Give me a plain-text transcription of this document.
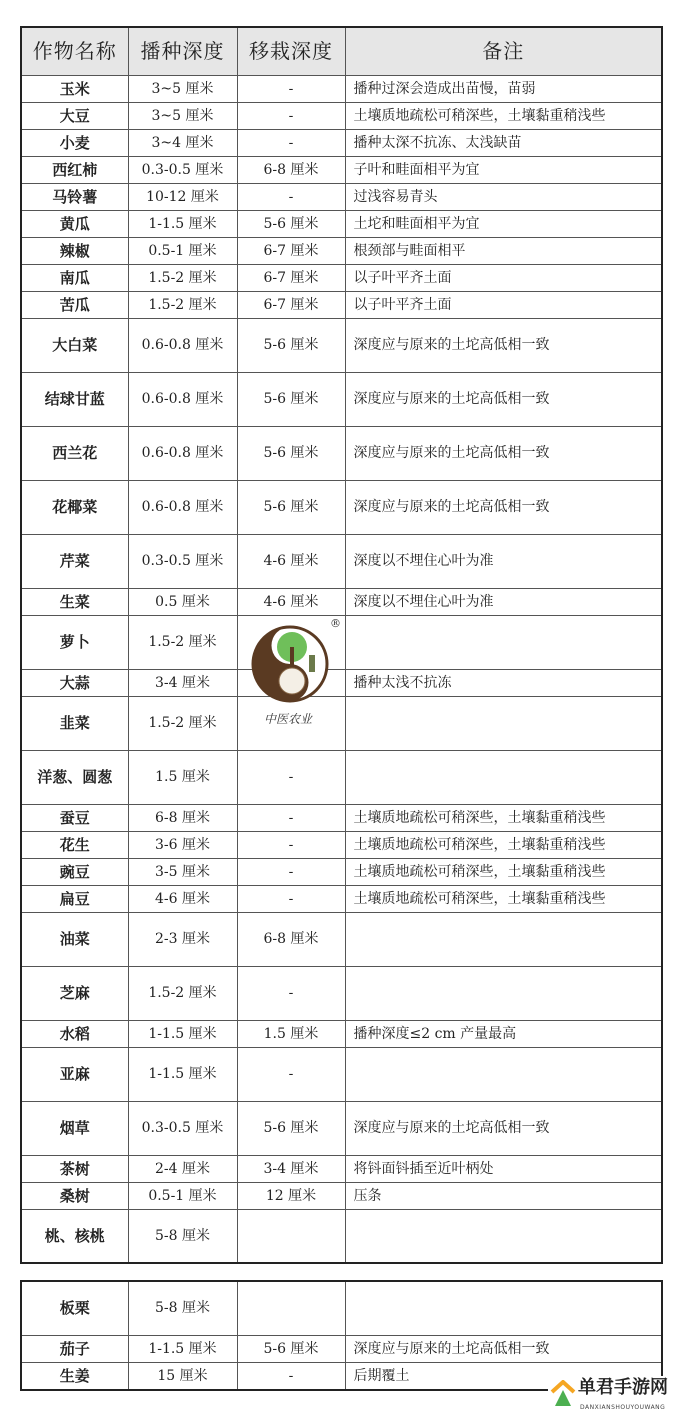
作物名称	播种深度	移栽深度	备注
玉米	3~5 厘米	-	播种过深会造成出苗慢，苗弱
大豆	3~5 厘米	-	土壤质地疏松可稍深些，土壤黏重稍浅些
小麦	3~4 厘米	-	播种太深不抗冻、太浅缺苗
西红柿	0.3-0.5 厘米	6-8 厘米	子叶和畦面相平为宜
马铃薯	10-12 厘米	-	过浅容易青头
黄瓜	1-1.5 厘米	5-6 厘米	土坨和畦面相平为宜
辣椒	0.5-1 厘米	6-7 厘米	根颈部与畦面相平
南瓜	1.5-2 厘米	6-7 厘米	以子叶平齐土面
苦瓜	1.5-2 厘米	6-7 厘米	以子叶平齐土面
大白菜	0.6-0.8 厘米	5-6 厘米	深度应与原来的土坨高低相一致
结球甘蓝	0.6-0.8 厘米	5-6 厘米	深度应与原来的土坨高低相一致
西兰花	0.6-0.8 厘米	5-6 厘米	深度应与原来的土坨高低相一致
花椰菜	0.6-0.8 厘米	5-6 厘米	深度应与原来的土坨高低相一致
芹菜	0.3-0.5 厘米	4-6 厘米	深度以不埋住心叶为准
生菜	0.5 厘米	4-6 厘米	深度以不埋住心叶为准
萝卜	1.5-2 厘米		
大蒜	3-4 厘米		播种太浅不抗冻
韭菜	1.5-2 厘米		
洋葱、圆葱	1.5 厘米	-	
蚕豆	6-8 厘米	-	土壤质地疏松可稍深些，土壤黏重稍浅些
花生	3-6 厘米	-	土壤质地疏松可稍深些，土壤黏重稍浅些
豌豆	3-5 厘米	-	土壤质地疏松可稍深些，土壤黏重稍浅些
扁豆	4-6 厘米	-	土壤质地疏松可稍深些，土壤黏重稍浅些
油菜	2-3 厘米	6-8 厘米	
芝麻	1.5-2 厘米	-	
水稻	1-1.5 厘米	1.5 厘米	播种深度≤2 cm 产量最高
亚麻	1-1.5 厘米	-	
烟草	0.3-0.5 厘米	5-6 厘米	深度应与原来的土坨高低相一致
茶树	2-4 厘米	3-4 厘米	将钭面钭插至近叶柄处
桑树	0.5-1 厘米	12 厘米	压条
桃、核桃	5-8 厘米		
板栗	5-8 厘米		
茄子	1-1.5 厘米	5-6 厘米	深度应与原来的土坨高低相一致
生姜	15 厘米	-	后期覆土
®
中医农业
单君手游网
DANXIANSHOUYOUWANG
